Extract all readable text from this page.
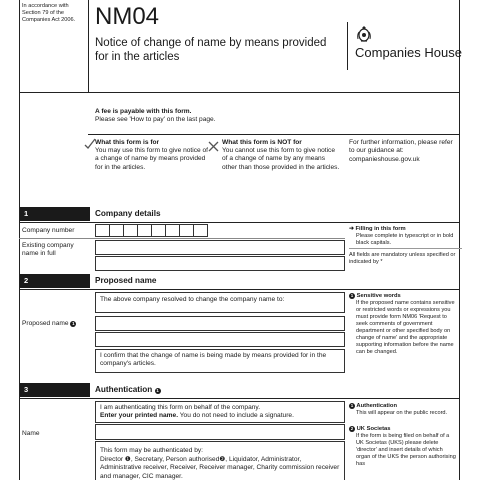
In accordance with Section 79 of the Companies Act 2006. NM04
Notice of change of name by means provided for in the articles	Companies House
A fee is payable with this form.
Please see 'How to pay' on the last page.
What this form is for
You may use this form to give notice of a change of name by means provided for in the articles.
What this form is NOT for
You cannot use this form to give notice of a change of name by any means other than those provided in the articles.
For further information, please refer to our guidance at: companieshouse.gov.uk
1	Company details
Company number
Existing company name in full
➜ Filling in this form
Please complete in typescript or in bold black capitals.
All fields are mandatory unless specified or indicated by *
2	Proposed name
The above company resolved to change the company name to:
Proposed name 1
I confirm that the change of name is being made by means provided for in the company's articles.
1 Sensitive words
If the proposed name contains sensitive or restricted words or expressions you must provide form NM06 'Request to seek comments of government department or other specified body on change of name' and the appropriate supporting information before the name can be changed.
3	Authentication 1
I am authenticating this form on behalf of the company.
Enter your printed name. You do not need to include a signature.
Name
This form may be authenticated by:
Director ❶, Secretary, Person authorised❷, Liquidator, Administrator, Administrative receiver, Receiver, Receiver manager, Charity commission receiver and manager, CIC manager.
1 Authentication
This will appear on the public record.
2 UK Societas
If the form is being filed on behalf of a UK Societas (UKS) please delete 'director' and insert details of which organ of the UKS the person authorising has
